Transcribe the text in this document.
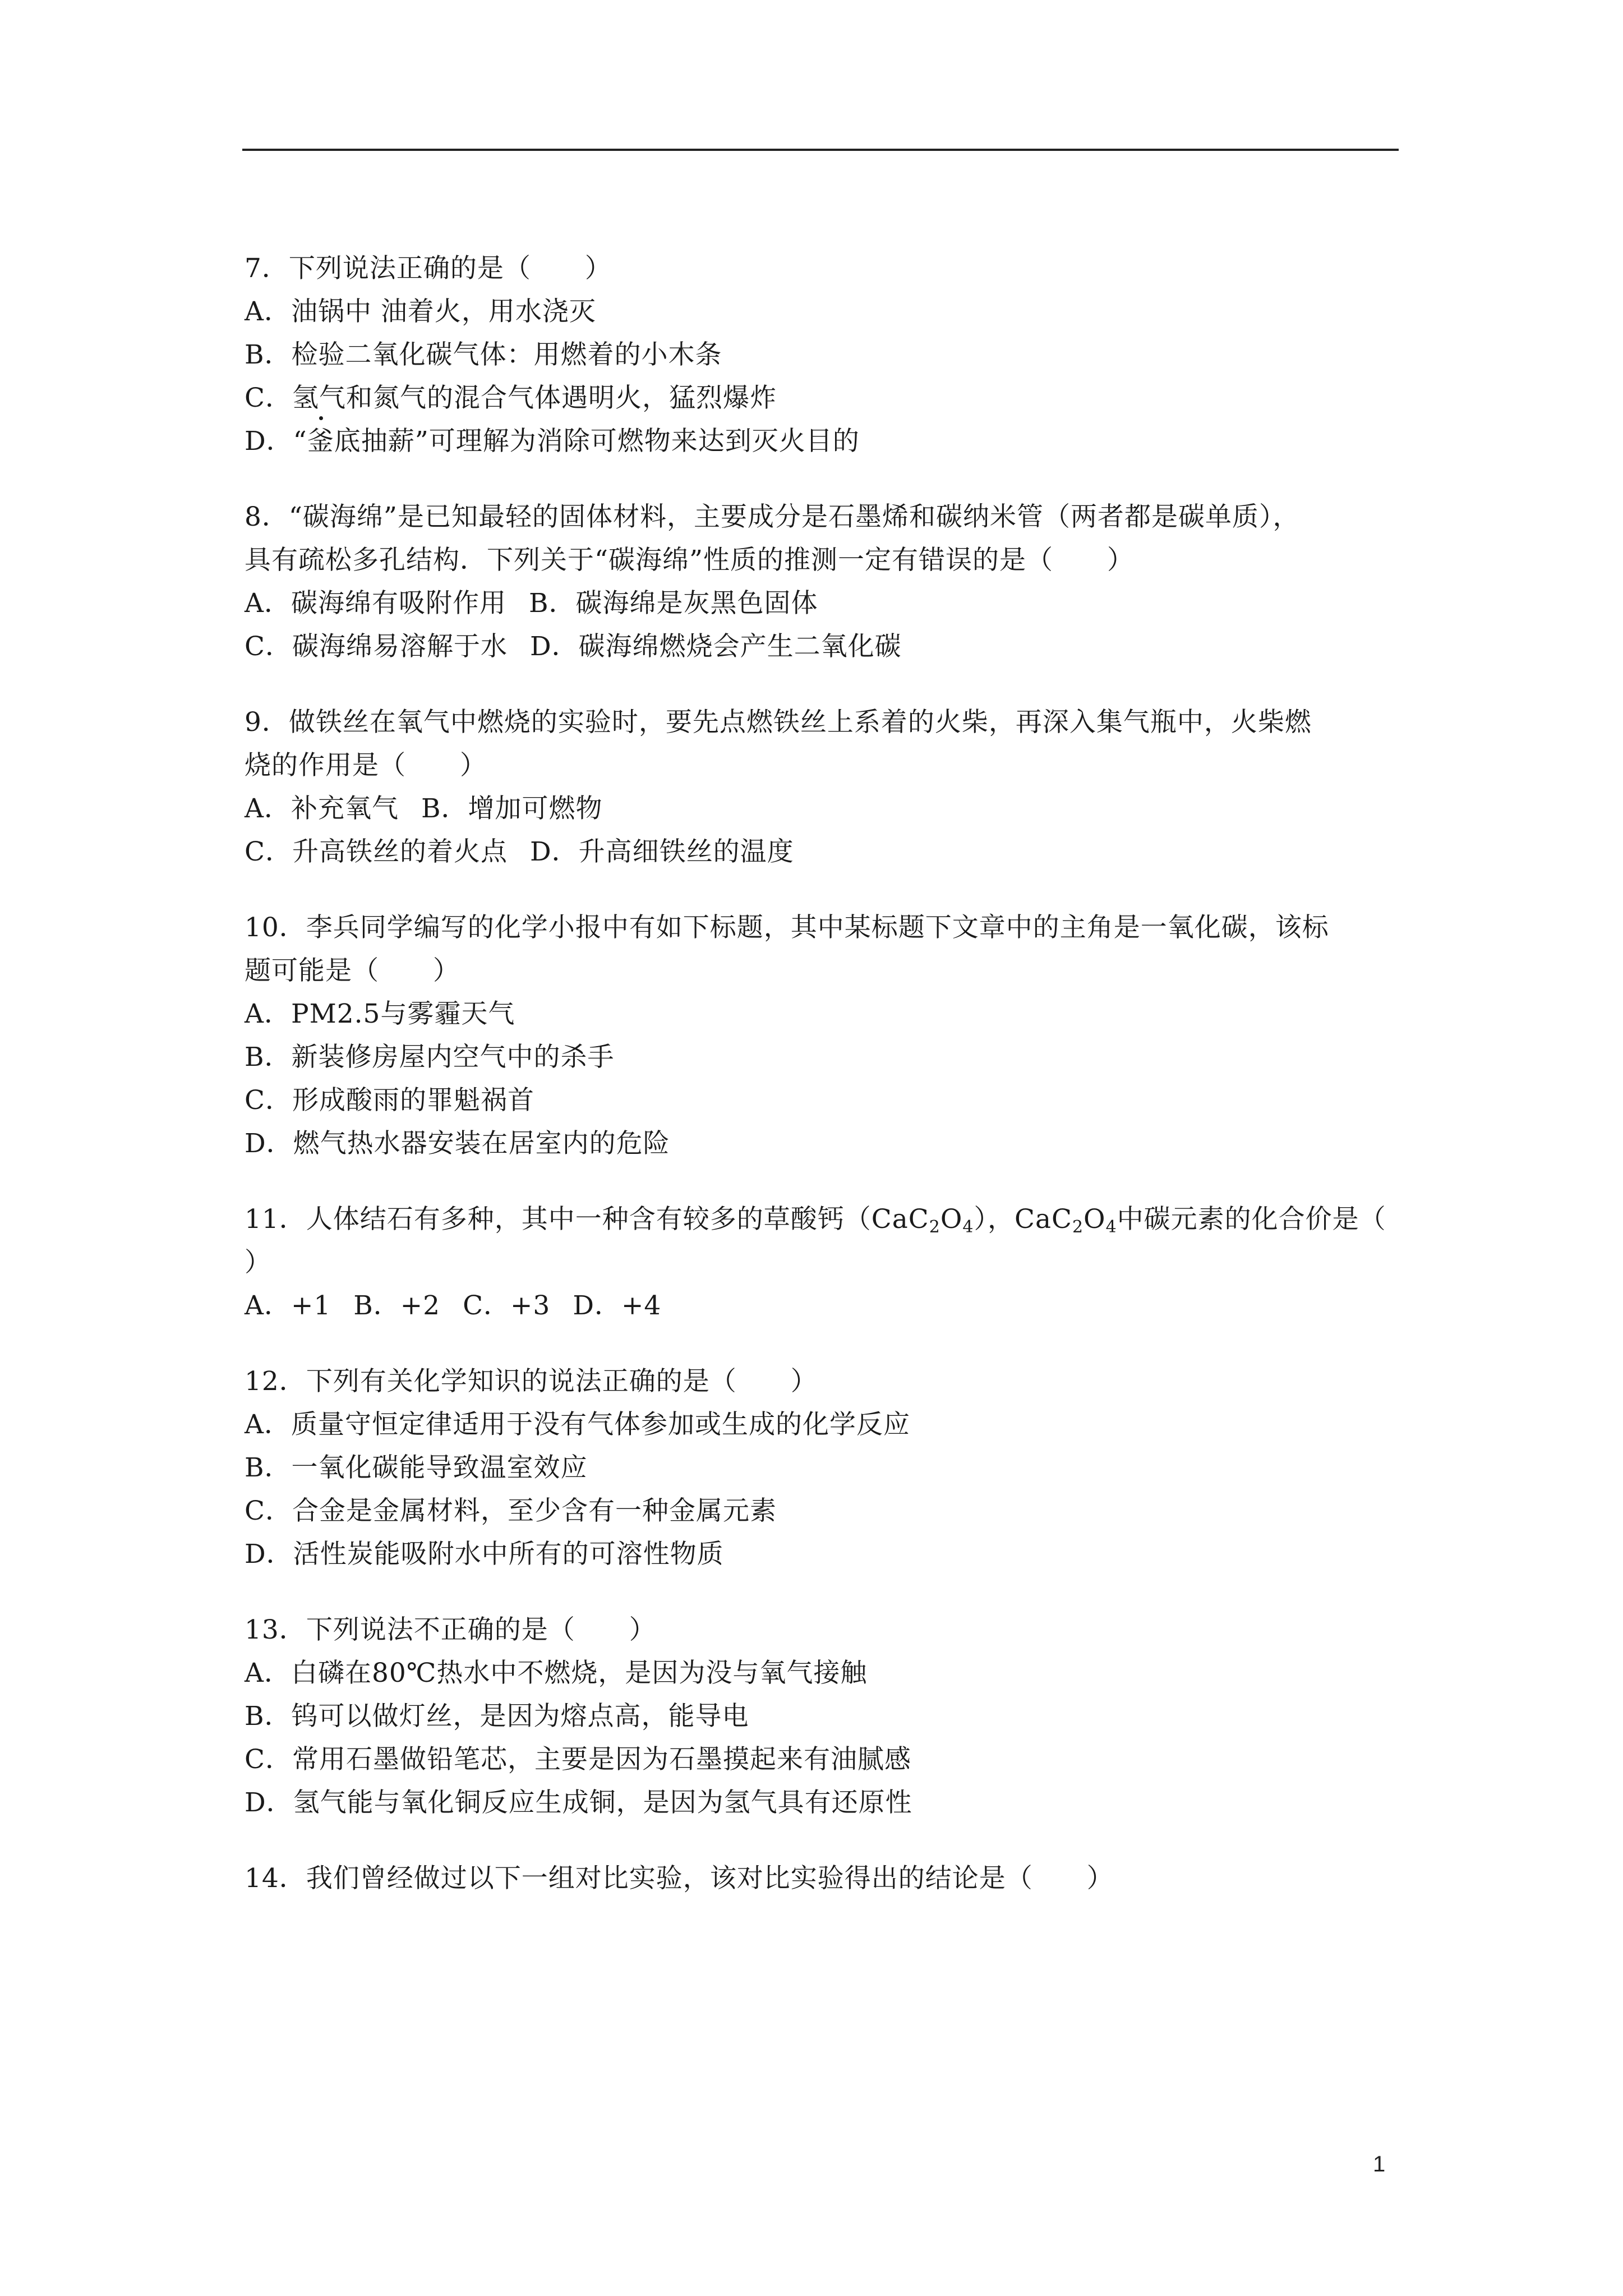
7．下列说法正确的是（　　）
A．油锅中 油着火，用水浇灭
B．检验二氧化碳气体：用燃着的小木条
C．氢气和氮气的混合气体遇明火，猛烈爆炸
D．“釜底抽薪”可理解为消除可燃物来达到灭火目的
8．“碳海绵”是已知最轻的固体材料，主要成分是石墨烯和碳纳米管（两者都是碳单质），
具有疏松多孔结构．下列关于“碳海绵”性质的推测一定有错误的是（　　）
A．碳海绵有吸附作用 B．碳海绵是灰黑色固体
C．碳海绵易溶解于水 D．碳海绵燃烧会产生二氧化碳
9．做铁丝在氧气中燃烧的实验时，要先点燃铁丝上系着的火柴，再深入集气瓶中，火柴燃
烧的作用是（　　）
A．补充氧气 B．增加可燃物
C．升高铁丝的着火点 D．升高细铁丝的温度
10．李兵同学编写的化学小报中有如下标题，其中某标题下文章中的主角是一氧化碳，该标
题可能是（　　）
A．PM2.5与雾霾天气
B．新装修房屋内空气中的杀手
C．形成酸雨的罪魁祸首
D．燃气热水器安装在居室内的危险
11．人体结石有多种，其中一种含有较多的草酸钙$(CaC_2O_4)$，$CaC_2O_4$中碳元素的化合价是（
）
A．+1 B．+2 C．+3 D．+4
12．下列有关化学知识的说法正确的是（　　）
A．质量守恒定律适用于没有气体参加或生成的化学反应
B．一氧化碳能导致温室效应
C．合金是金属材料，至少含有一种金属元素
D．活性炭能吸附水中所有的可溶性物质
13．下列说法不正确的是（　　）
A．白磷在80℃热水中不燃烧，是因为没与氧气接触
B．钨可以做灯丝，是因为熔点高，能导电
C．常用石墨做铅笔芯，主要是因为石墨摸起来有油腻感
D．氢气能与氧化铜反应生成铜，是因为氢气具有还原性
14．我们曾经做过以下一组对比实验，该对比实验得出的结论是（　　）
1
